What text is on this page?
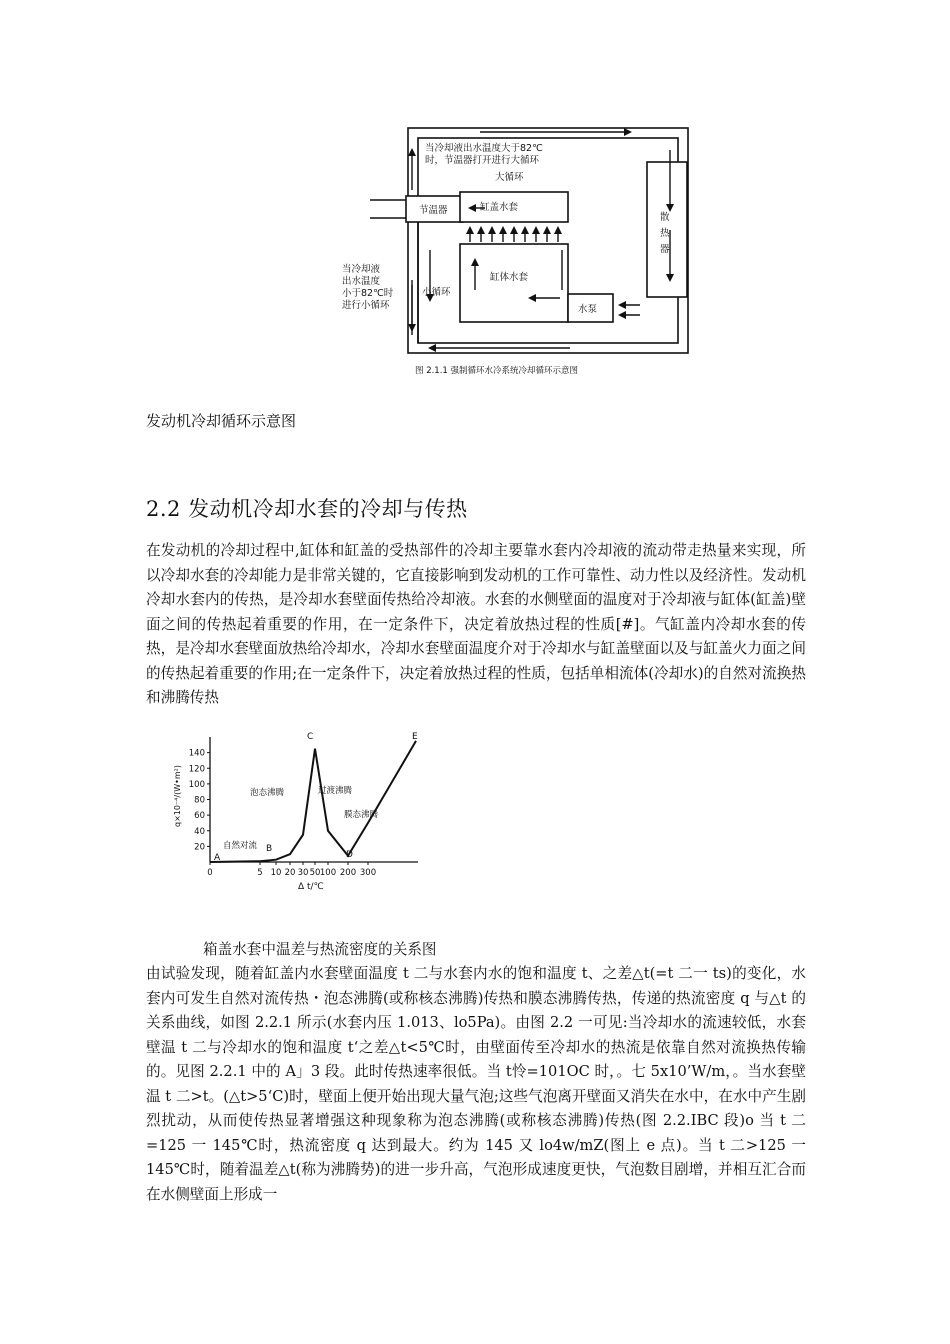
当冷却液出水温度大于82℃
时，节温器打开进行大循环
大循环
节温器	缸盖水套
散
热
器
当冷却液
出水温度
小于82℃时
进行小循环
小循环
缸体水套
水泵
图 2.1.1 强制循环水冷系统冷却循环示意图
发动机冷却循环示意图
2.2 发动机冷却水套的冷却与传热
在发动机的冷却过程中,缸体和缸盖的受热部件的冷却主要靠水套内冷却液的流动带走热量来实现，所以冷却水套的冷却能力是非常关键的，它直接影响到发动机的工作可靠性、动力性以及经济性。发动机冷却水套内的传热，是冷却水套壁面传热给冷却液。水套的水侧壁面的温度对于冷却液与缸体(缸盖)壁面之间的传热起着重要的作用，在一定条件下，决定着放热过程的性质[#]。气缸盖内冷却水套的传热，是冷却水套壁面放热给冷却水，冷却水套壁面温度介对于冷却水与缸盖壁面以及与缸盖火力面之间的传热起着重要的作用;在一定条件下，决定着放热过程的性质，包括单相流体(冷却水)的自然对流换热和沸腾传热
140
120
100
80
60
40
20
0	5 10 20 30 50 100 200 300
q×10⁻⁴/(W•m²)
Δ t/℃
A
B
C
D
E
自然对流
泡态沸腾	过渡沸腾
膜态沸腾
箱盖水套中温差与热流密度的关系图
由试验发现，随着缸盖内水套壁面温度 t 二与水套内水的饱和温度 t、之差△t(=t 二一 ts)的变化，水套内可发生自然对流传热・泡态沸腾(或称核态沸腾)传热和膜态沸腾传热，传递的热流密度 q 与△t 的关系曲线，如图 2.2.1 所示(水套内压 1.013、lo5Pa)。由图 2.2 一可见:当冷却水的流速较低，水套壁温 t 二与冷却水的饱和温度 t‘之差△t<5℃时，由壁面传至冷却水的热流是依靠自然对流换热传输的。见图 2.2.1 中的 A」3 段。此时传热速率很低。当 t怜=101OC 时，。七 5x10’W/m，。当水套壁温 t 二>t。(△t>5‘C)时，壁面上便开始出现大量气泡;这些气泡离开壁面又消失在水中，在水中产生剧烈扰动，从而使传热显著增强这种现象称为泡态沸腾(或称核态沸腾)传热(图 2.2.IBC 段)o 当 t 二=125 一 145℃时，热流密度 q 达到最大。约为 145 又 lo4w/mZ(图上 e 点)。当 t 二>125 一 145℃时，随着温差△t(称为沸腾势)的进一步升高，气泡形成速度更快，气泡数目剧增，并相互汇合而在水侧壁面上形成一
